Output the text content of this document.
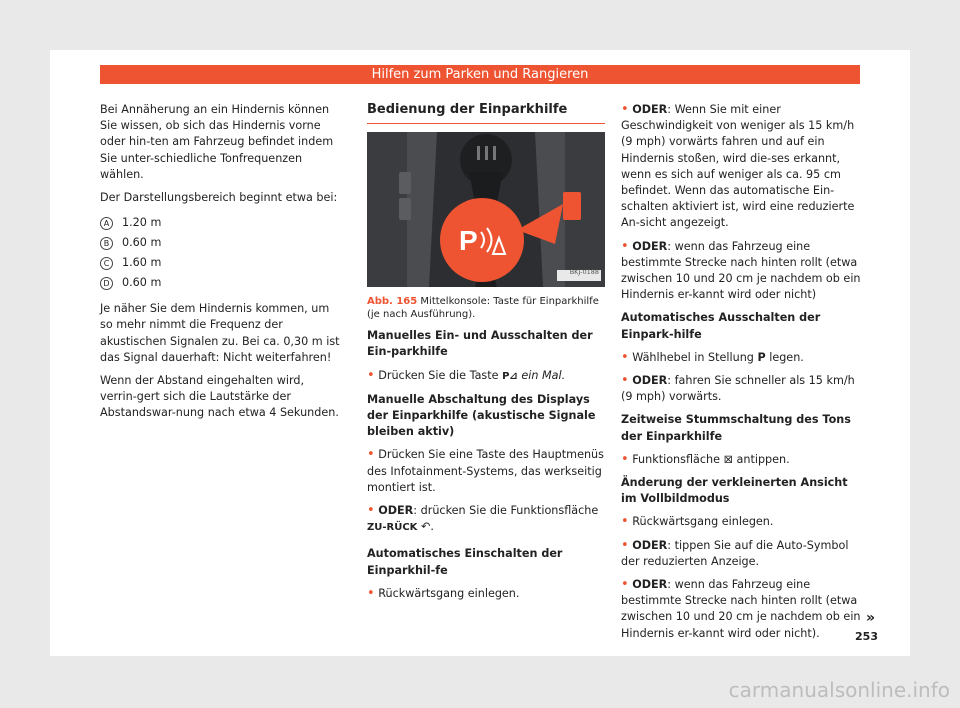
Hilfen zum Parken und Rangieren

Bei Annäherung an ein Hindernis können Sie wissen, ob sich das Hindernis vorne oder hin-ten am Fahrzeug befindet indem Sie unter-schiedliche Tonfrequenzen wählen.

Der Darstellungsbereich beginnt etwa bei:

A	1.20 m
B	0.60 m
C	1.60 m
D	0.60 m

Je näher Sie dem Hindernis kommen, um so mehr nimmt die Frequenz der akustischen Signalen zu. Bei ca. 0,30 m ist das Signal dauerhaft: Nicht weiterfahren!

Wenn der Abstand eingehalten wird, verrin-gert sich die Lautstärke der Abstandswar-nung nach etwa 4 Sekunden.

Bedienung der Einparkhilfe
P
BKJ-0188

Abb. 165 Mittelkonsole: Taste für Einparkhilfe (je nach Ausführung).

Manuelles Ein- und Ausschalten der Ein-parkhilfe

• Drücken Sie die Taste P⊿ ein Mal.

Manuelle Abschaltung des Displays der Einparkhilfe (akustische Signale bleiben aktiv)

• Drücken Sie eine Taste des Hauptmenüs des Infotainment-Systems, das werkseitig montiert ist.

• ODER: drücken Sie die Funktionsfläche ZU-RÜCK ↶.

Automatisches Einschalten der Einparkhil-fe

• Rückwärtsgang einlegen.

• ODER: Wenn Sie mit einer Geschwindigkeit von weniger als 15 km/h (9 mph) vorwärts fahren und auf ein Hindernis stoßen, wird die-ses erkannt, wenn es sich auf weniger als ca. 95 cm befindet. Wenn das automatische Ein-schalten aktiviert ist, wird eine reduzierte An-sicht angezeigt.

• ODER: wenn das Fahrzeug eine bestimmte Strecke nach hinten rollt (etwa zwischen 10 und 20 cm je nachdem ob ein Hindernis er-kannt wird oder nicht)

Automatisches Ausschalten der Einpark-hilfe

• Wählhebel in Stellung P legen.

• ODER: fahren Sie schneller als 15 km/h (9 mph) vorwärts.

Zeitweise Stummschaltung des Tons der Einparkhilfe

• Funktionsfläche ⊠ antippen.

Änderung der verkleinerten Ansicht im Vollbildmodus

• Rückwärtsgang einlegen.

• ODER: tippen Sie auf die Auto-Symbol der reduzierten Anzeige.

• ODER: wenn das Fahrzeug eine bestimmte Strecke nach hinten rollt (etwa zwischen 10 und 20 cm je nachdem ob ein Hindernis er-kannt wird oder nicht).

»
253
carmanualsonline.info
